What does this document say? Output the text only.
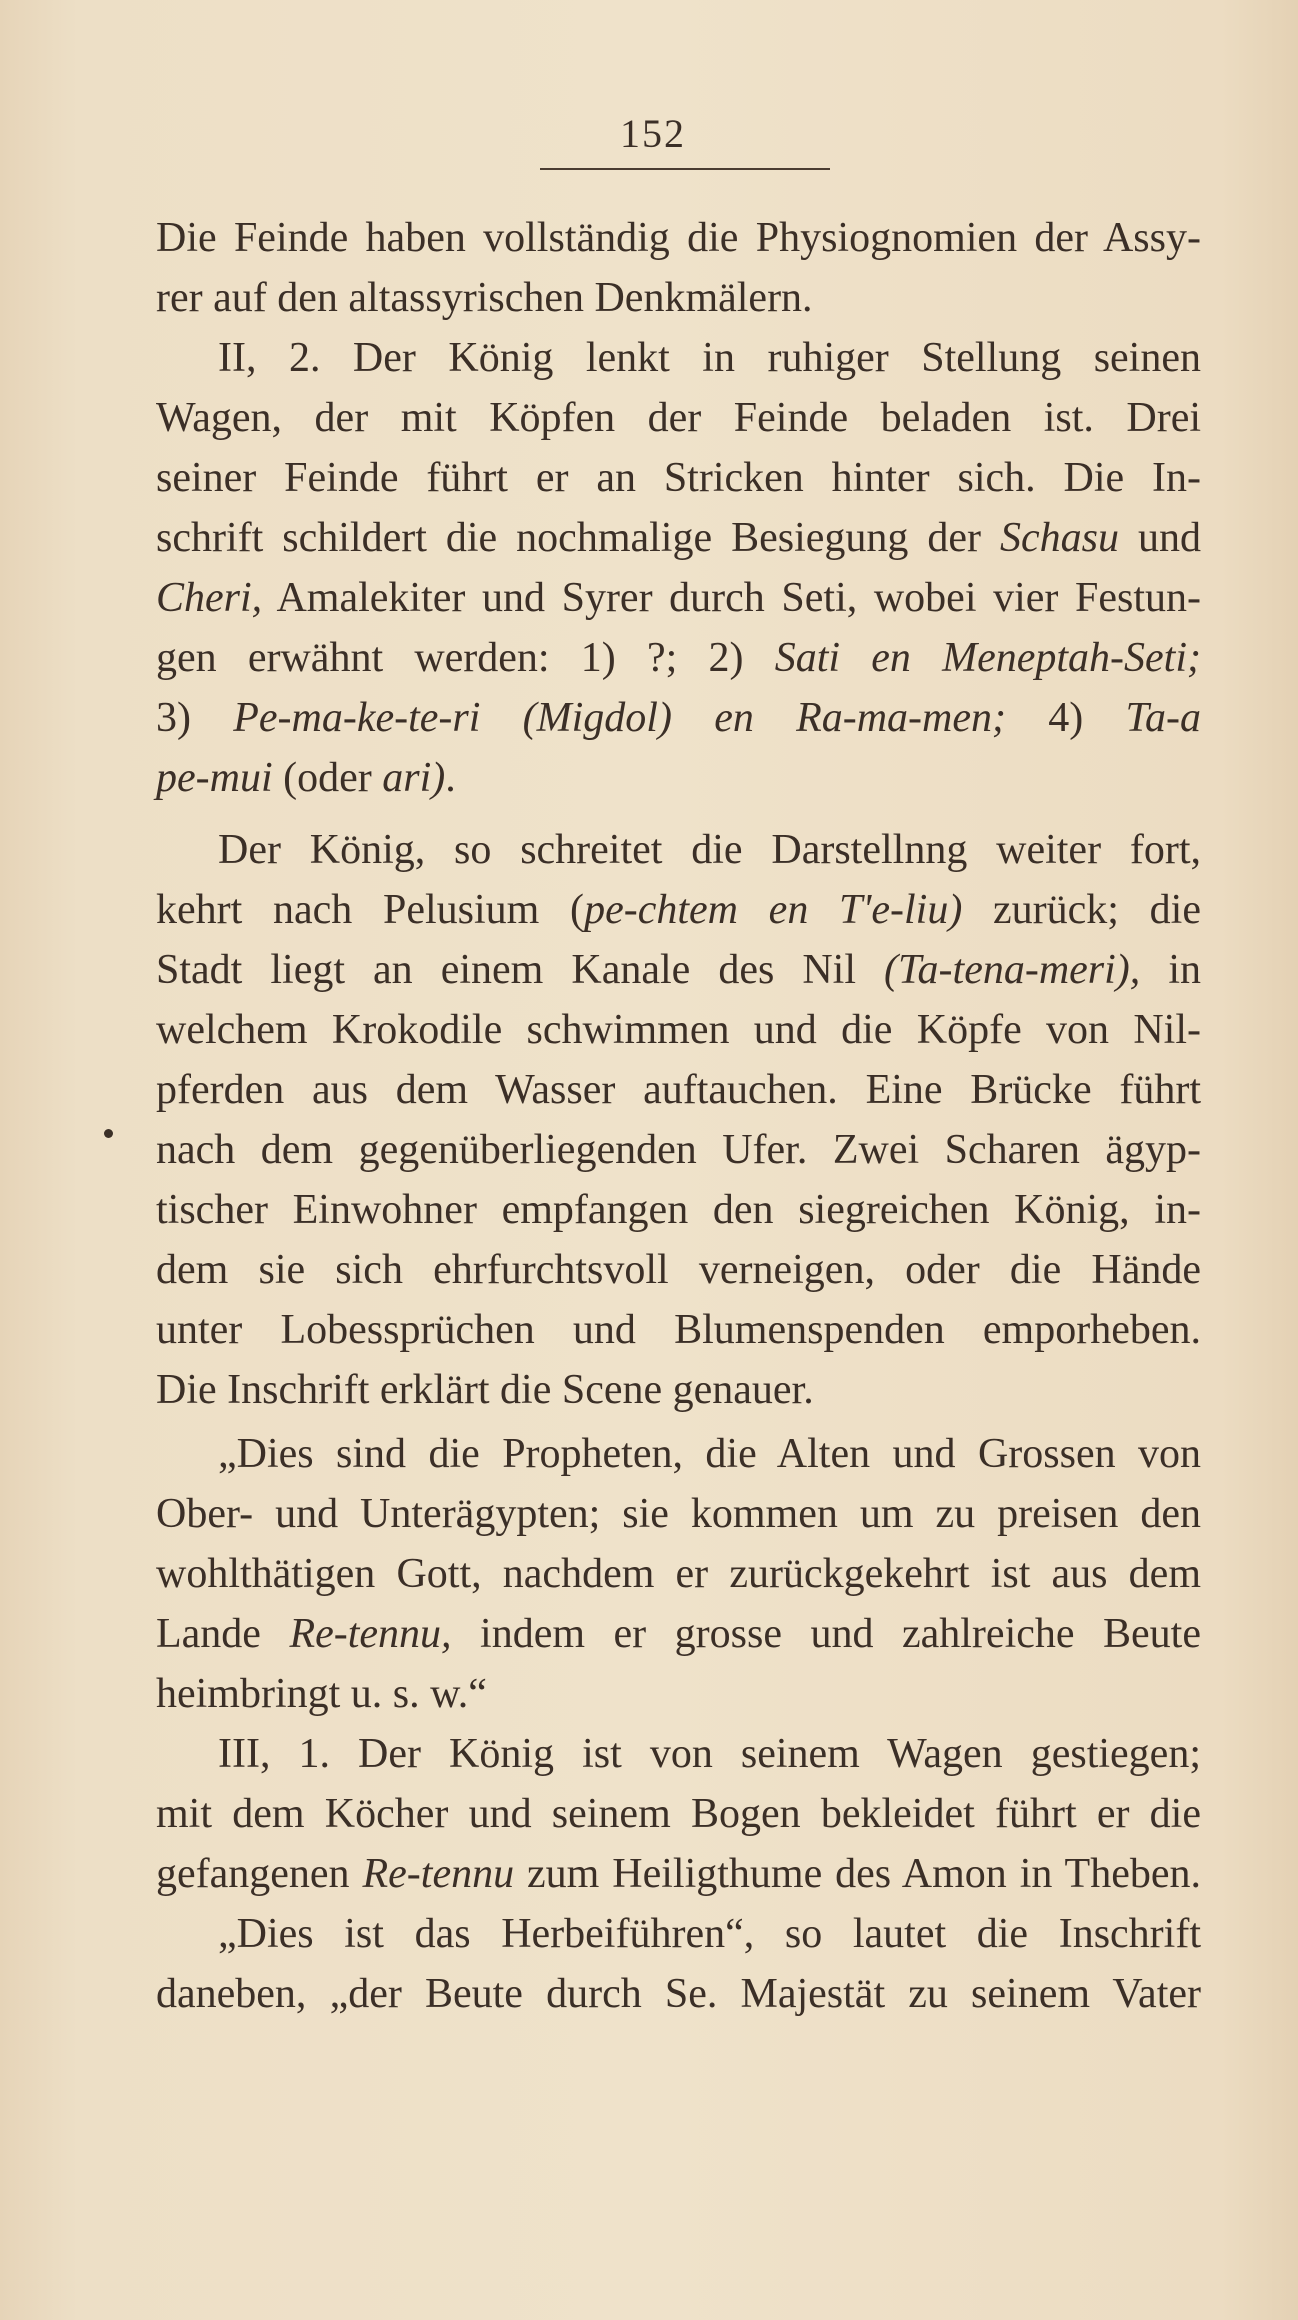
152
Die Feinde haben vollständig die Physiognomien der Assy-
rer auf den altassyrischen Denkmälern.
II, 2. Der König lenkt in ruhiger Stellung seinen
Wagen, der mit Köpfen der Feinde beladen ist. Drei
seiner Feinde führt er an Stricken hinter sich. Die In-
schrift schildert die nochmalige Besiegung der Schasu und
Cheri, Amalekiter und Syrer durch Seti, wobei vier Festun-
gen erwähnt werden: 1) ?; 2) Sati en Meneptah-Seti;
3) Pe-ma-ke-te-ri (Migdol) en Ra-ma-men; 4) Ta-a
pe-mui (oder ari).
Der König, so schreitet die Darstellnng weiter fort,
kehrt nach Pelusium (pe-chtem en T'e-liu) zurück; die
Stadt liegt an einem Kanale des Nil (Ta-tena-meri), in
welchem Krokodile schwimmen und die Köpfe von Nil-
pferden aus dem Wasser auftauchen. Eine Brücke führt
nach dem gegenüberliegenden Ufer. Zwei Scharen ägyp-
tischer Einwohner empfangen den siegreichen König, in-
dem sie sich ehrfurchtsvoll verneigen, oder die Hände
unter Lobessprüchen und Blumenspenden emporheben.
Die Inschrift erklärt die Scene genauer.
„Dies sind die Propheten, die Alten und Grossen von
Ober- und Unterägypten; sie kommen um zu preisen den
wohlthätigen Gott, nachdem er zurückgekehrt ist aus dem
Lande Re-tennu, indem er grosse und zahlreiche Beute
heimbringt u. s. w.“
III, 1. Der König ist von seinem Wagen gestiegen;
mit dem Köcher und seinem Bogen bekleidet führt er die
gefangenen Re-tennu zum Heiligthume des Amon in Theben.
„Dies ist das Herbeiführen“, so lautet die Inschrift
daneben, „der Beute durch Se. Majestät zu seinem Vater
